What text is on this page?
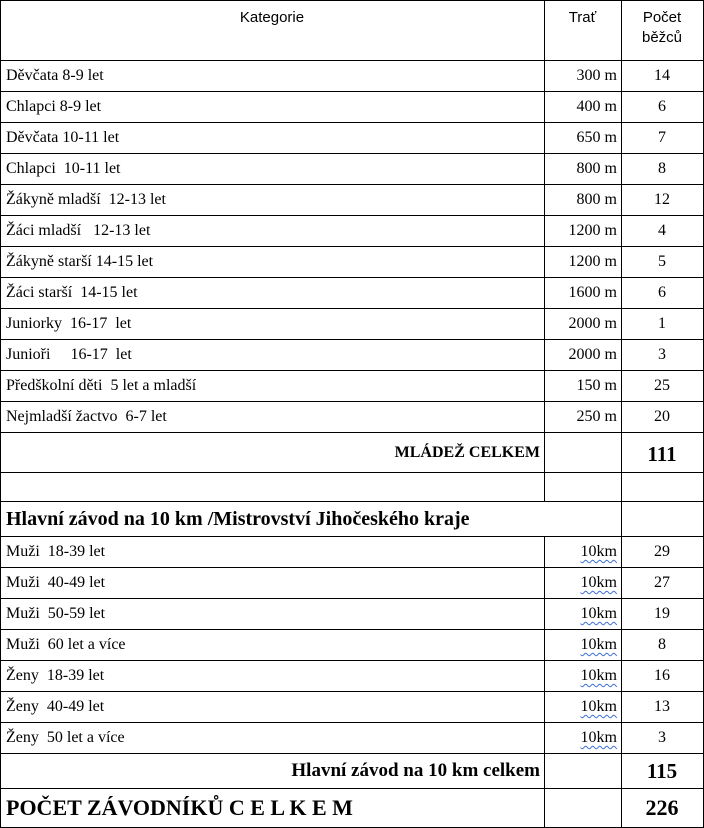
Kategorie	Trať	Počet
běžců
Děvčata 8-9 let	300 m	14
Chlapci 8-9 let	400 m	6
Děvčata 10-11 let	650 m	7
Chlapci  10-11 let	800 m	8
Žákyně mladší  12-13 let	800 m	12
Žáci mladší   12-13 let	1200 m	4
Žákyně starší 14-15 let	1200 m	5
Žáci starší  14-15 let	1600 m	6
Juniorky  16-17  let	2000 m	1
Junioři     16-17  let	2000 m	3
Předškolní děti  5 let a mladší	150 m	25
Nejmladší žactvo  6-7 let	250 m	20
MLÁDEŽ CELKEM		111

Hlavní závod na 10 km /Mistrovství Jihočeského kraje		
Muži  18-39 let	10km	29
Muži  40-49 let	10km	27
Muži  50-59 let	10km	19
Muži  60 let a více	10km	8
Ženy  18-39 let	10km	16
Ženy  40-49 let	10km	13
Ženy  50 let a více	10km	3
Hlavní závod na 10 km celkem		115
POČET ZÁVODNÍKŮ C E L K E M		226
